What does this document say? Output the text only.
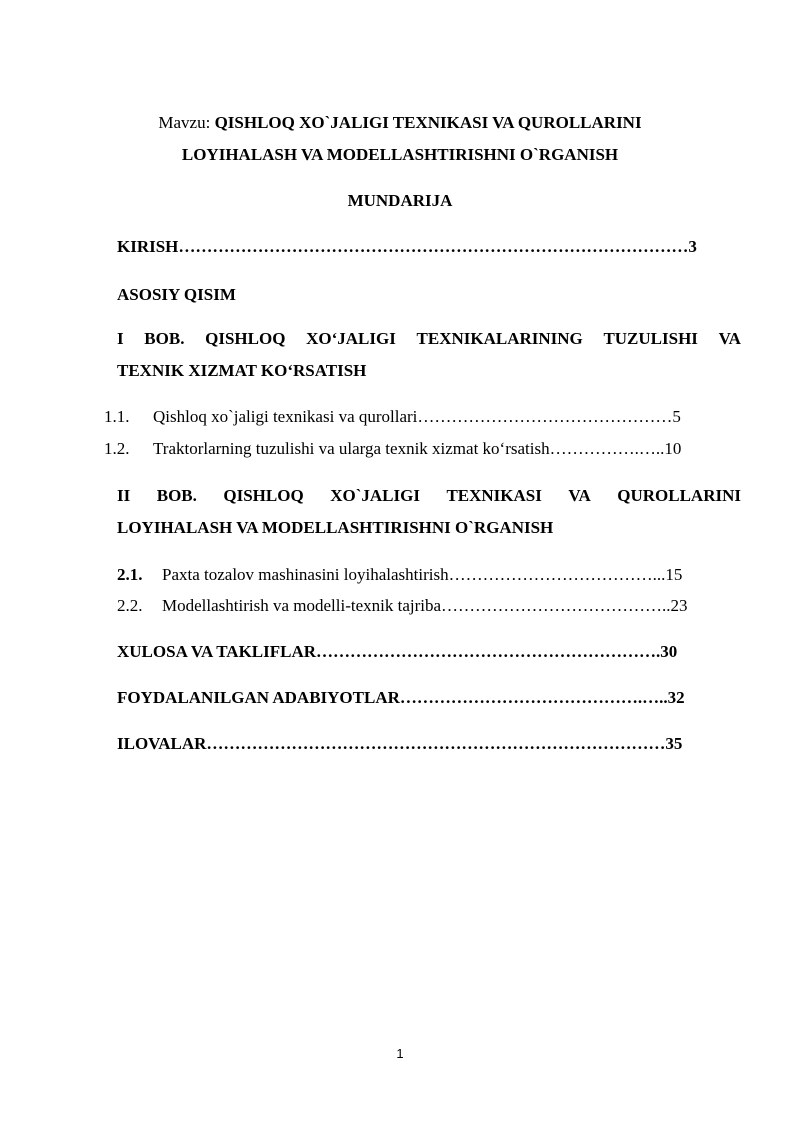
Mavzu: QISHLOQ XO`JALIGI TEXNIKASI VA QUROLLARINI
LOYIHALASH VA MODELLASHTIRISHNI O`RGANISH
MUNDARIJA
KIRISH………………………………………………………………………………3
ASOSIY QISIM
I BOB. QISHLOQ XO‘JALIGI TEXNIKALARINING TUZULISHI VA
TEXNIK XIZMAT KO‘RSATISH
1.1. Qishloq xo`jaligi texnikasi va qurollari………………………………………5
1.2. Traktorlarning tuzulishi va ularga texnik xizmat ko‘rsatish…………….…..10
II BOB. QISHLOQ XO`JALIGI TEXNIKASI VA QUROLLARINI
LOYIHALASH VA MODELLASHTIRISHNI O`RGANISH
2.1. Paxta tozalov mashinasini loyihalashtirish………………………………...15
2.2. Modellashtirish va modelli-texnik tajriba…………………………………..23
XULOSA VA TAKLIFLAR…………………………………………………….30
FOYDALANILGAN ADABIYOTLAR…………………………………….…..32
ILOVALAR………………………………………………………………………35
1
